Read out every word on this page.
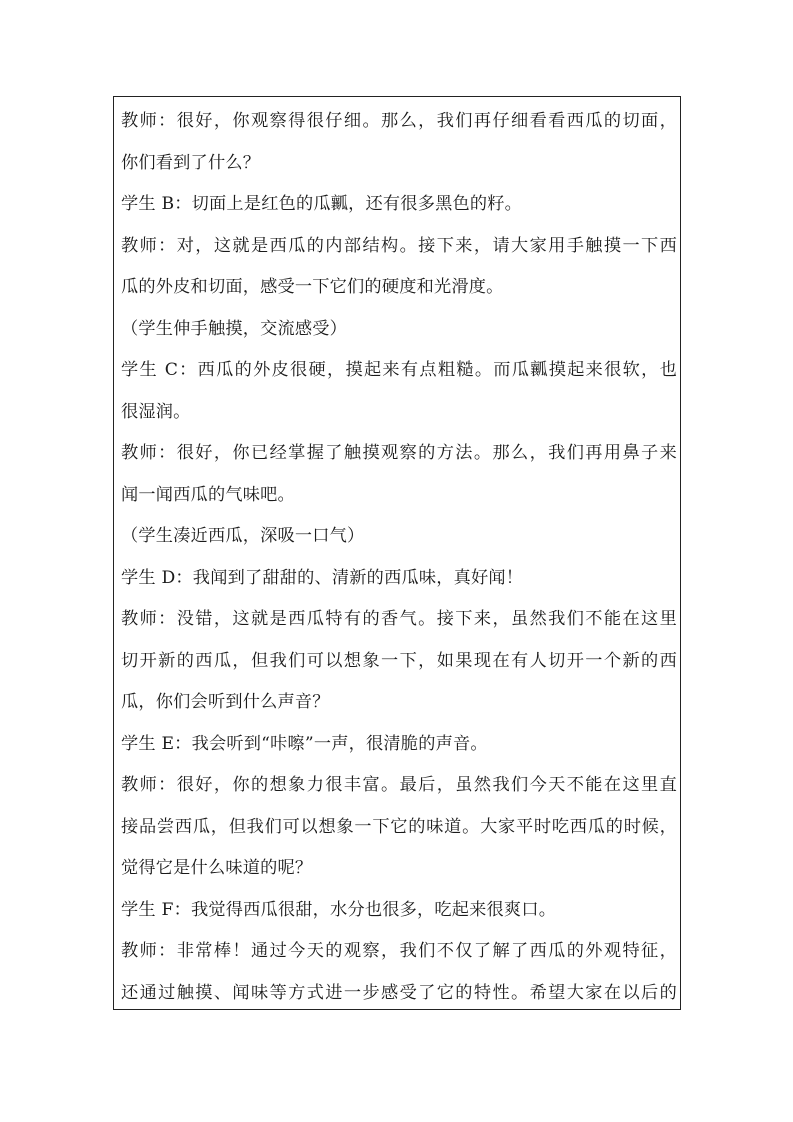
教师：很好，你观察得很仔细。那么，我们再仔细看看西瓜的切面，
你们看到了什么？
学生 B：切面上是红色的瓜瓤，还有很多黑色的籽。
教师：对，这就是西瓜的内部结构。接下来，请大家用手触摸一下西
瓜的外皮和切面，感受一下它们的硬度和光滑度。
（学生伸手触摸，交流感受）
学生 C：西瓜的外皮很硬，摸起来有点粗糙。而瓜瓤摸起来很软，也
很湿润。
教师：很好，你已经掌握了触摸观察的方法。那么，我们再用鼻子来
闻一闻西瓜的气味吧。
（学生凑近西瓜，深吸一口气）
学生 D：我闻到了甜甜的、清新的西瓜味，真好闻！
教师：没错，这就是西瓜特有的香气。接下来，虽然我们不能在这里
切开新的西瓜，但我们可以想象一下，如果现在有人切开一个新的西
瓜，你们会听到什么声音？
学生 E：我会听到“咔嚓”一声，很清脆的声音。
教师：很好，你的想象力很丰富。最后，虽然我们今天不能在这里直
接品尝西瓜，但我们可以想象一下它的味道。大家平时吃西瓜的时候，
觉得它是什么味道的呢？
学生 F：我觉得西瓜很甜，水分也很多，吃起来很爽口。
教师：非常棒！通过今天的观察，我们不仅了解了西瓜的外观特征，
还通过触摸、闻味等方式进一步感受了它的特性。希望大家在以后的
